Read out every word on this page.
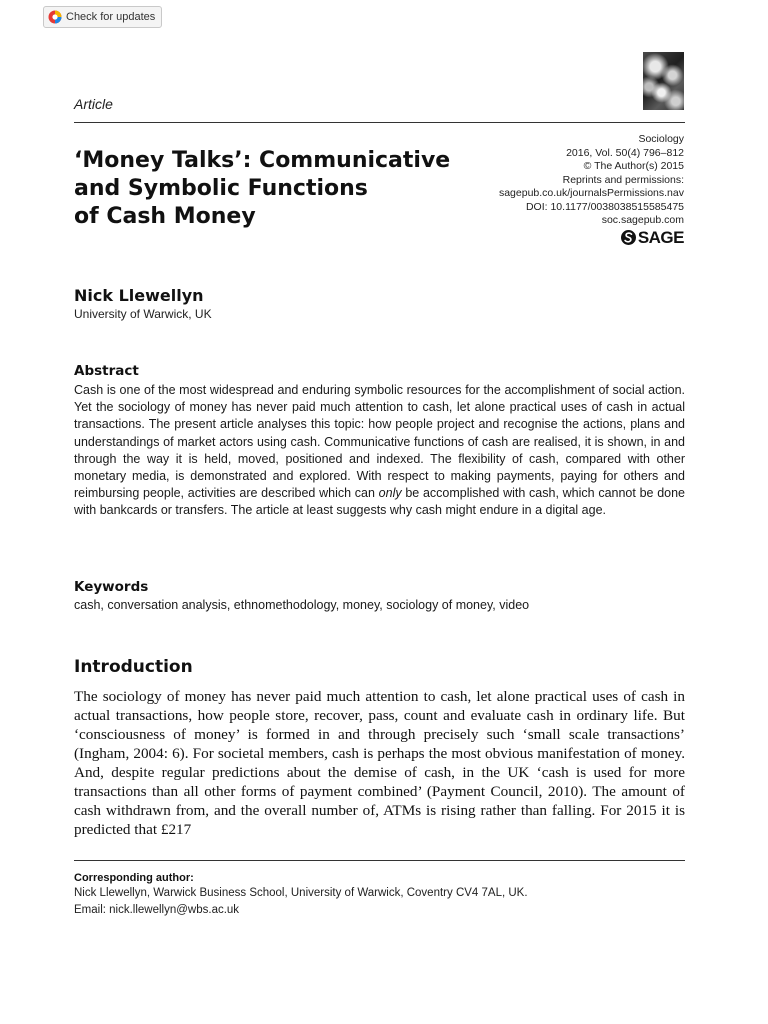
Check for updates
Article
‘Money Talks’: Communicative
and Symbolic Functions
of Cash Money
Sociology
2016, Vol. 50(4) 796–812
© The Author(s) 2015
Reprints and permissions:
sagepub.co.uk/journalsPermissions.nav
DOI: 10.1177/0038038515585475
soc.sagepub.com
SAGE
Nick Llewellyn
University of Warwick, UK
Abstract

Cash is one of the most widespread and enduring symbolic resources for the accomplishment of social action. Yet the sociology of money has never paid much attention to cash, let alone practical uses of cash in actual transactions. The present article analyses this topic: how people project and recognise the actions, plans and understandings of market actors using cash. Communicative functions of cash are realised, it is shown, in and through the way it is held, moved, positioned and indexed. The flexibility of cash, compared with other monetary media, is demonstrated and explored. With respect to making payments, paying for others and reimbursing people, activities are described which can only be accomplished with cash, which cannot be done with bankcards or transfers. The article at least suggests why cash might endure in a digital age.

Keywords
cash, conversation analysis, ethnomethodology, money, sociology of money, video
Introduction

The sociology of money has never paid much attention to cash, let alone practical uses of cash in actual transactions, how people store, recover, pass, count and evaluate cash in ordinary life. But ‘consciousness of money’ is formed in and through precisely such ‘small scale transactions’ (Ingham, 2004: 6). For societal members, cash is perhaps the most obvious manifestation of money. And, despite regular predictions about the demise of cash, in the UK ‘cash is used for more transactions than all other forms of payment combined’ (Payment Council, 2010). The amount of cash withdrawn from, and the overall number of, ATMs is rising rather than falling. For 2015 it is predicted that £217

Corresponding author:
Nick Llewellyn, Warwick Business School, University of Warwick, Coventry CV4 7AL, UK.
Email: nick.llewellyn@wbs.ac.uk
